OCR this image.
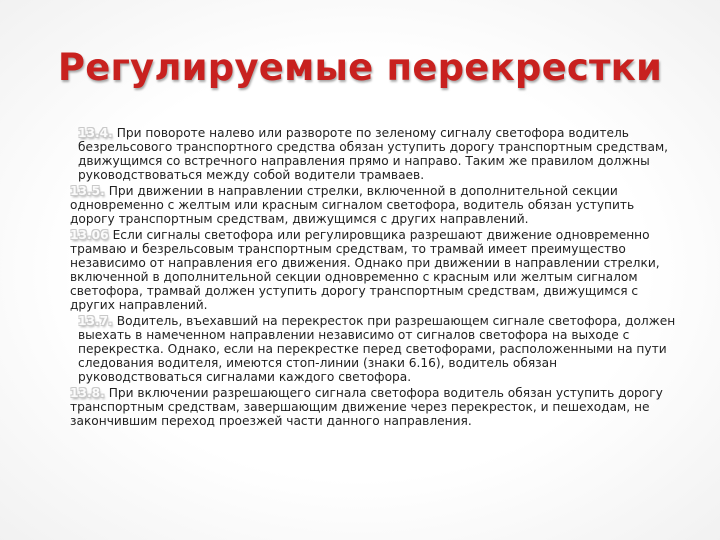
Регулируемые перекрестки

13.4. При повороте налево или развороте по зеленому сигналу светофора водитель безрельсового транспортного средства обязан уступить дорогу транспортным средствам, движущимся со встречного направления прямо и направо. Таким же правилом должны руководствоваться между собой водители трамваев.

13.5. При движении в направлении стрелки, включенной в дополнительной секции одновременно с желтым или красным сигналом светофора, водитель обязан уступить дорогу транспортным средствам, движущимся с других направлений.

13.06 Если сигналы светофора или регулировщика разрешают движение одновременно трамваю и безрельсовым транспортным средствам, то трамвай имеет преимущество независимо от направления его движения. Однако при движении в направлении стрелки, включенной в дополнительной секции одновременно с красным или желтым сигналом светофора, трамвай должен уступить дорогу транспортным средствам, движущимся с других направлений.

13.7. Водитель, въехавший на перекресток при разрешающем сигнале светофора, должен выехать в намеченном направлении независимо от сигналов светофора на выходе с перекрестка. Однако, если на перекрестке перед светофорами, расположенными на пути следования водителя, имеются стоп-линии (знаки 6.16), водитель обязан руководствоваться сигналами каждого светофора.

13.8. При включении разрешающего сигнала светофора водитель обязан уступить дорогу транспортным средствам, завершающим движение через перекресток, и пешеходам, не закончившим переход проезжей части данного направления.
